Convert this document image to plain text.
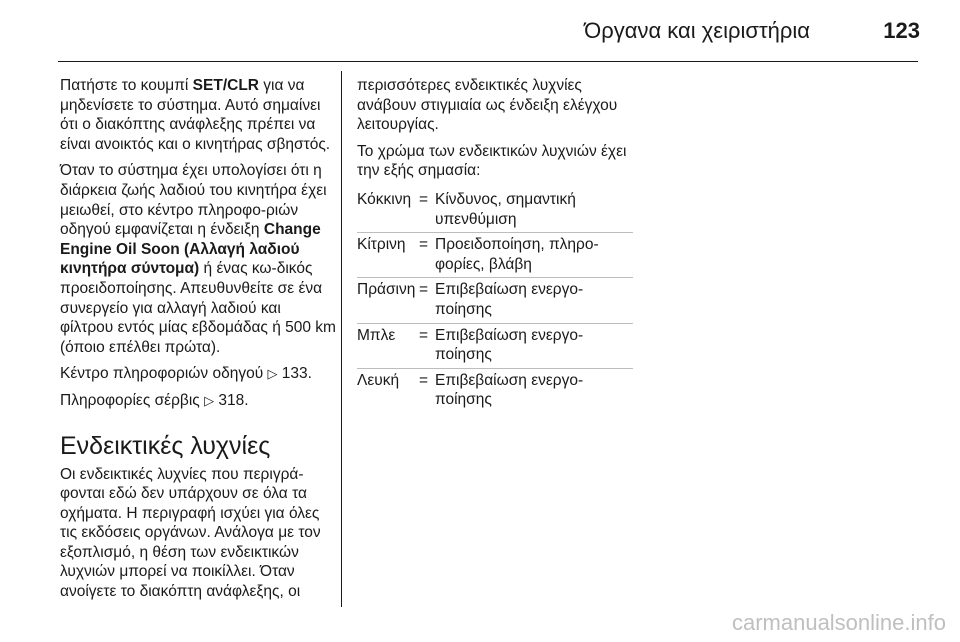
Όργανα και χειριστήρια	123

Πατήστε το κουμπί SET/CLR για να μηδενίσετε το σύστημα. Αυτό σημαίνει ότι ο διακόπτης ανάφλεξης πρέπει να είναι ανοικτός και ο κινητήρας σβηστός.

Όταν το σύστημα έχει υπολογίσει ότι η διάρκεια ζωής λαδιού του κινητήρα έχει μειωθεί, στο κέντρο πληροφο-ριών οδηγού εμφανίζεται η ένδειξη Change Engine Oil Soon (Αλλαγή λαδιού κινητήρα σύντομα) ή ένας κω-δικός προειδοποίησης. Απευθυνθείτε σε ένα συνεργείο για αλλαγή λαδιού και φίλτρου εντός μίας εβδομάδας ή 500 km (όποιο επέλθει πρώτα).

Κέντρο πληροφοριών οδηγού ▷ 133.

Πληροφορίες σέρβις ▷ 318.

Ενδεικτικές λυχνίες

Οι ενδεικτικές λυχνίες που περιγρά-φονται εδώ δεν υπάρχουν σε όλα τα οχήματα. Η περιγραφή ισχύει για όλες τις εκδόσεις οργάνων. Ανάλογα με τον εξοπλισμό, η θέση των ενδεικτικών λυχνιών μπορεί να ποικίλλει. Όταν ανοίγετε το διακόπτη ανάφλεξης, οι

περισσότερες ενδεικτικές λυχνίες ανάβουν στιγμιαία ως ένδειξη ελέγχου λειτουργίας.

Το χρώμα των ενδεικτικών λυχνιών έχει την εξής σημασία:

Κόκκινη = Κίνδυνος, σημαντική
υπενθύμιση
Κίτρινη = Προειδοποίηση, πληρο-
φορίες, βλάβη
Πράσινη = Επιβεβαίωση ενεργο-
ποίησης
Μπλε	= Επιβεβαίωση ενεργο-
ποίησης
Λευκή	= Επιβεβαίωση ενεργο-
ποίησης
carmanualsonline.info
